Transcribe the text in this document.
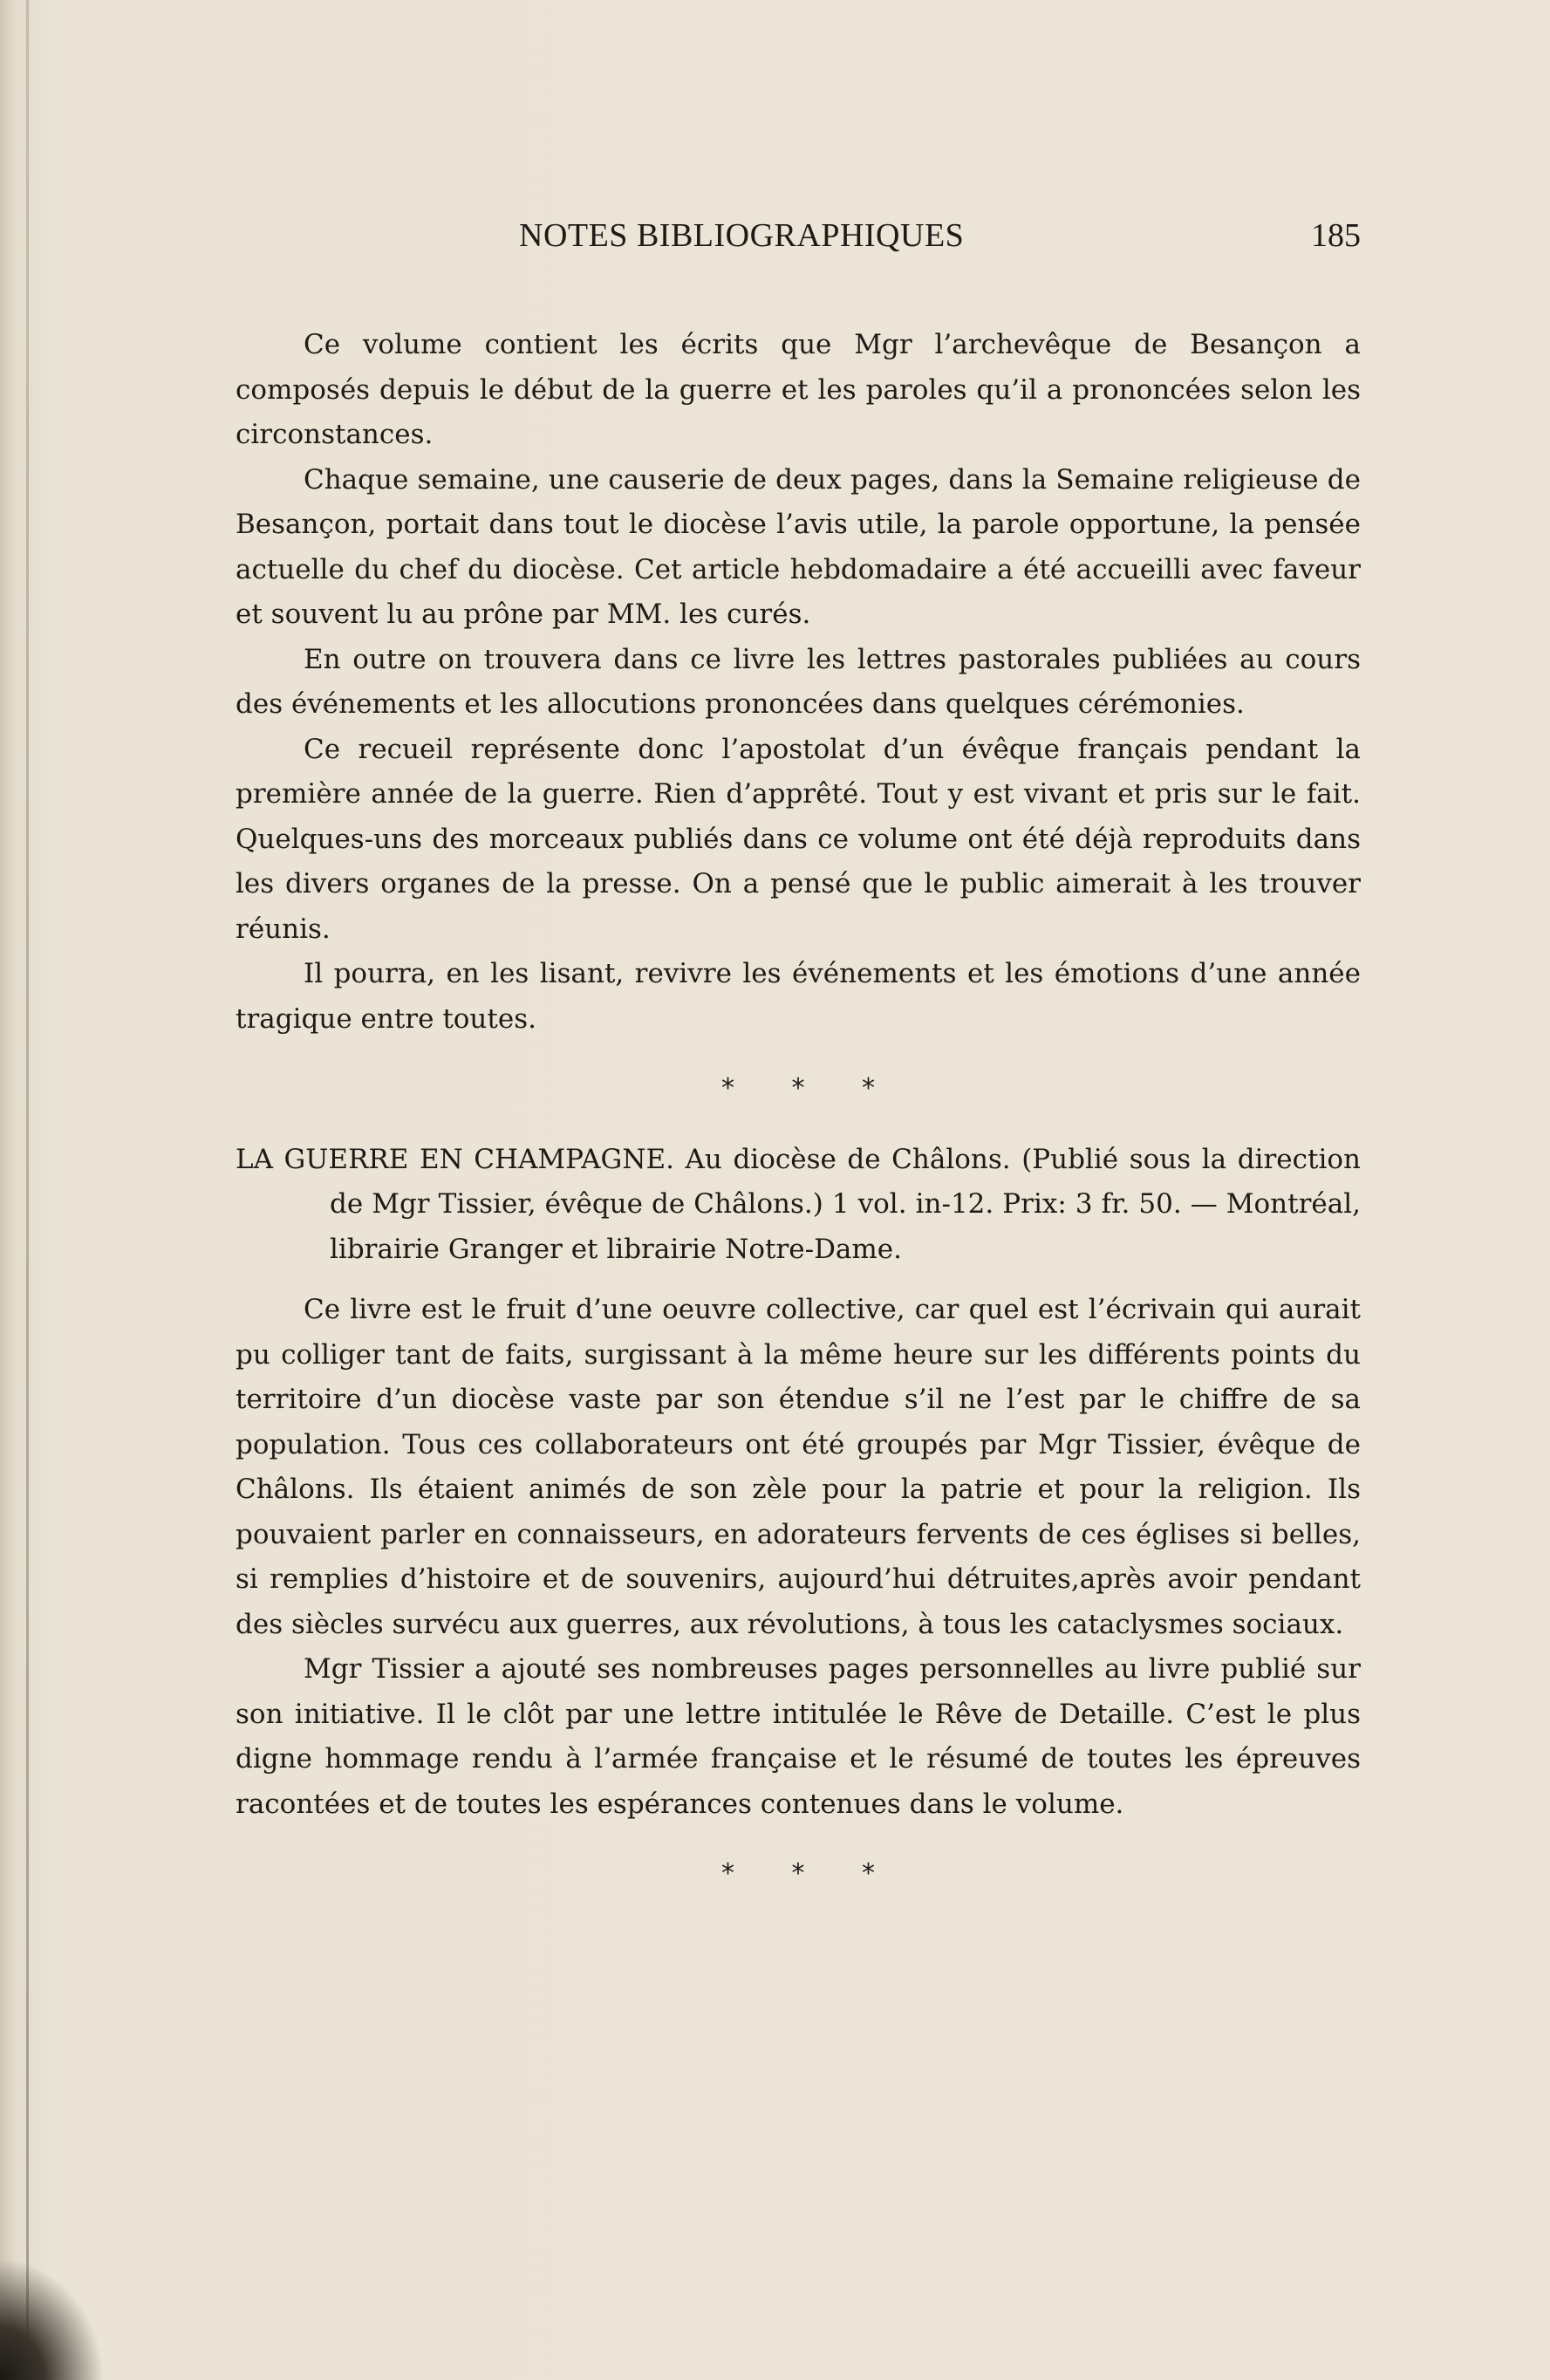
NOTES BIBLIOGRAPHIQUES	185

Ce volume contient les écrits que Mgr l’archevêque de Besançon a composés depuis le début de la guerre et les paroles qu’il a prononcées selon les circonstances.

Chaque semaine, une causerie de deux pages, dans la Semaine religieuse de Besançon, portait dans tout le diocèse l’avis utile, la parole opportune, la pensée actuelle du chef du diocèse. Cet article hebdomadaire a été accueilli avec faveur et souvent lu au prône par MM. les curés.

En outre on trouvera dans ce livre les lettres pastorales publiées au cours des événements et les allocutions prononcées dans quelques cérémonies.

Ce recueil représente donc l’apostolat d’un évêque français pendant la première année de la guerre. Rien d’apprêté. Tout y est vivant et pris sur le fait. Quelques-uns des morceaux publiés dans ce volume ont été déjà reproduits dans les divers organes de la presse. On a pensé que le public aimerait à les trouver réunis.

Il pourra, en les lisant, revivre les événements et les émotions d’une année tragique entre toutes.

* * *

LA GUERRE EN CHAMPAGNE. Au diocèse de Châlons. (Publié sous la direction de Mgr Tissier, évêque de Châlons.) 1 vol. in-12. Prix: 3 fr. 50. — Montréal, librairie Granger et librairie Notre-Dame.

Ce livre est le fruit d’une oeuvre collective, car quel est l’écrivain qui aurait pu colliger tant de faits, surgissant à la même heure sur les différents points du territoire d’un diocèse vaste par son étendue s’il ne l’est par le chiffre de sa population. Tous ces collaborateurs ont été groupés par Mgr Tissier, évêque de Châlons. Ils étaient animés de son zèle pour la patrie et pour la religion. Ils pouvaient parler en connaisseurs, en adorateurs fervents de ces églises si belles, si remplies d’histoire et de souvenirs, aujourd’hui détruites,après avoir pendant des siècles survécu aux guerres, aux révolutions, à tous les cataclysmes sociaux.

Mgr Tissier a ajouté ses nombreuses pages personnelles au livre publié sur son initiative. Il le clôt par une lettre intitulée le Rêve de Detaille. C’est le plus digne hommage rendu à l’armée française et le résumé de toutes les épreuves racontées et de toutes les espérances contenues dans le volume.

* * *
